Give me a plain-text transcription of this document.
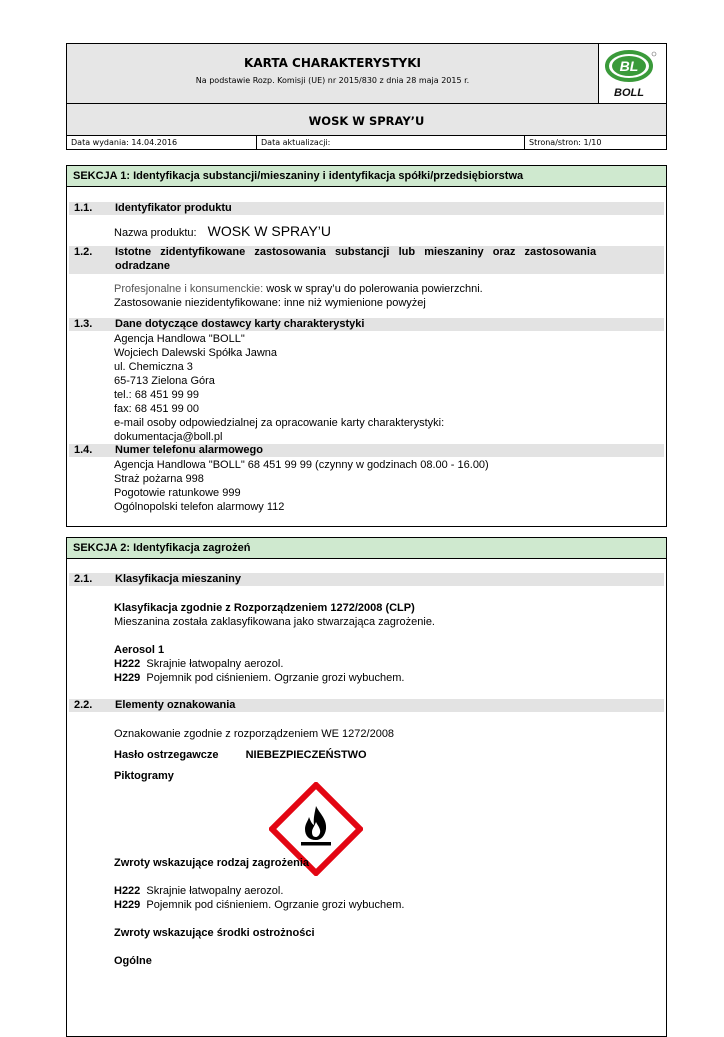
KARTA CHARAKTERYSTYKI
Na podstawie Rozp. Komisji (UE) nr 2015/830 z dnia 28 maja 2015 r.
BL
BOLL
WOSK W SPRAY’U
Data wydania: 14.04.2016	Data aktualizacji:	Strona/stron: 1/10
SEKCJA 1: Identyfikacja substancji/mieszaniny i identyfikacja spółki/przedsiębiorstwa
1.1. Identyfikator produktu
Nazwa produktu: WOSK W SPRAY’U
1.2. Istotne   zidentyfikowane   zastosowania   substancji   lub   mieszaniny   oraz   zastosowania
odradzane
Profesjonalne i konsumenckie: wosk w spray’u do polerowania powierzchni.
Zastosowanie niezidentyfikowane: inne niż wymienione powyżej
1.3. Dane dotyczące dostawcy karty charakterystyki
Agencja Handlowa "BOLL"
Wojciech Dalewski Spółka Jawna
ul. Chemiczna 3
65-713 Zielona Góra
tel.: 68 451 99 99
fax: 68 451 99 00
e-mail osoby odpowiedzialnej za opracowanie karty charakterystyki:
dokumentacja@boll.pl
1.4. Numer telefonu alarmowego
Agencja Handlowa "BOLL" 68 451 99 99 (czynny w godzinach 08.00 - 16.00)
Straż pożarna 998
Pogotowie ratunkowe 999
Ogólnopolski telefon alarmowy 112
SEKCJA 2: Identyfikacja zagrożeń
2.1. Klasyfikacja mieszaniny
Klasyfikacja zgodnie z Rozporządzeniem 1272/2008 (CLP)
Mieszanina została zaklasyfikowana jako stwarzająca zagrożenie.
Aerosol 1
H222  Skrajnie łatwopalny aerozol.
H229  Pojemnik pod ciśnieniem. Ogrzanie grozi wybuchem.
2.2. Elementy oznakowania
Oznakowanie zgodnie z rozporządzeniem WE 1272/2008
Hasło ostrzegawcze NIEBEZPIECZEŃSTWO
Piktogramy
Zwroty wskazujące rodzaj zagrożenia
H222  Skrajnie łatwopalny aerozol.
H229  Pojemnik pod ciśnieniem. Ogrzanie grozi wybuchem.
Zwroty wskazujące środki ostrożności
Ogólne
